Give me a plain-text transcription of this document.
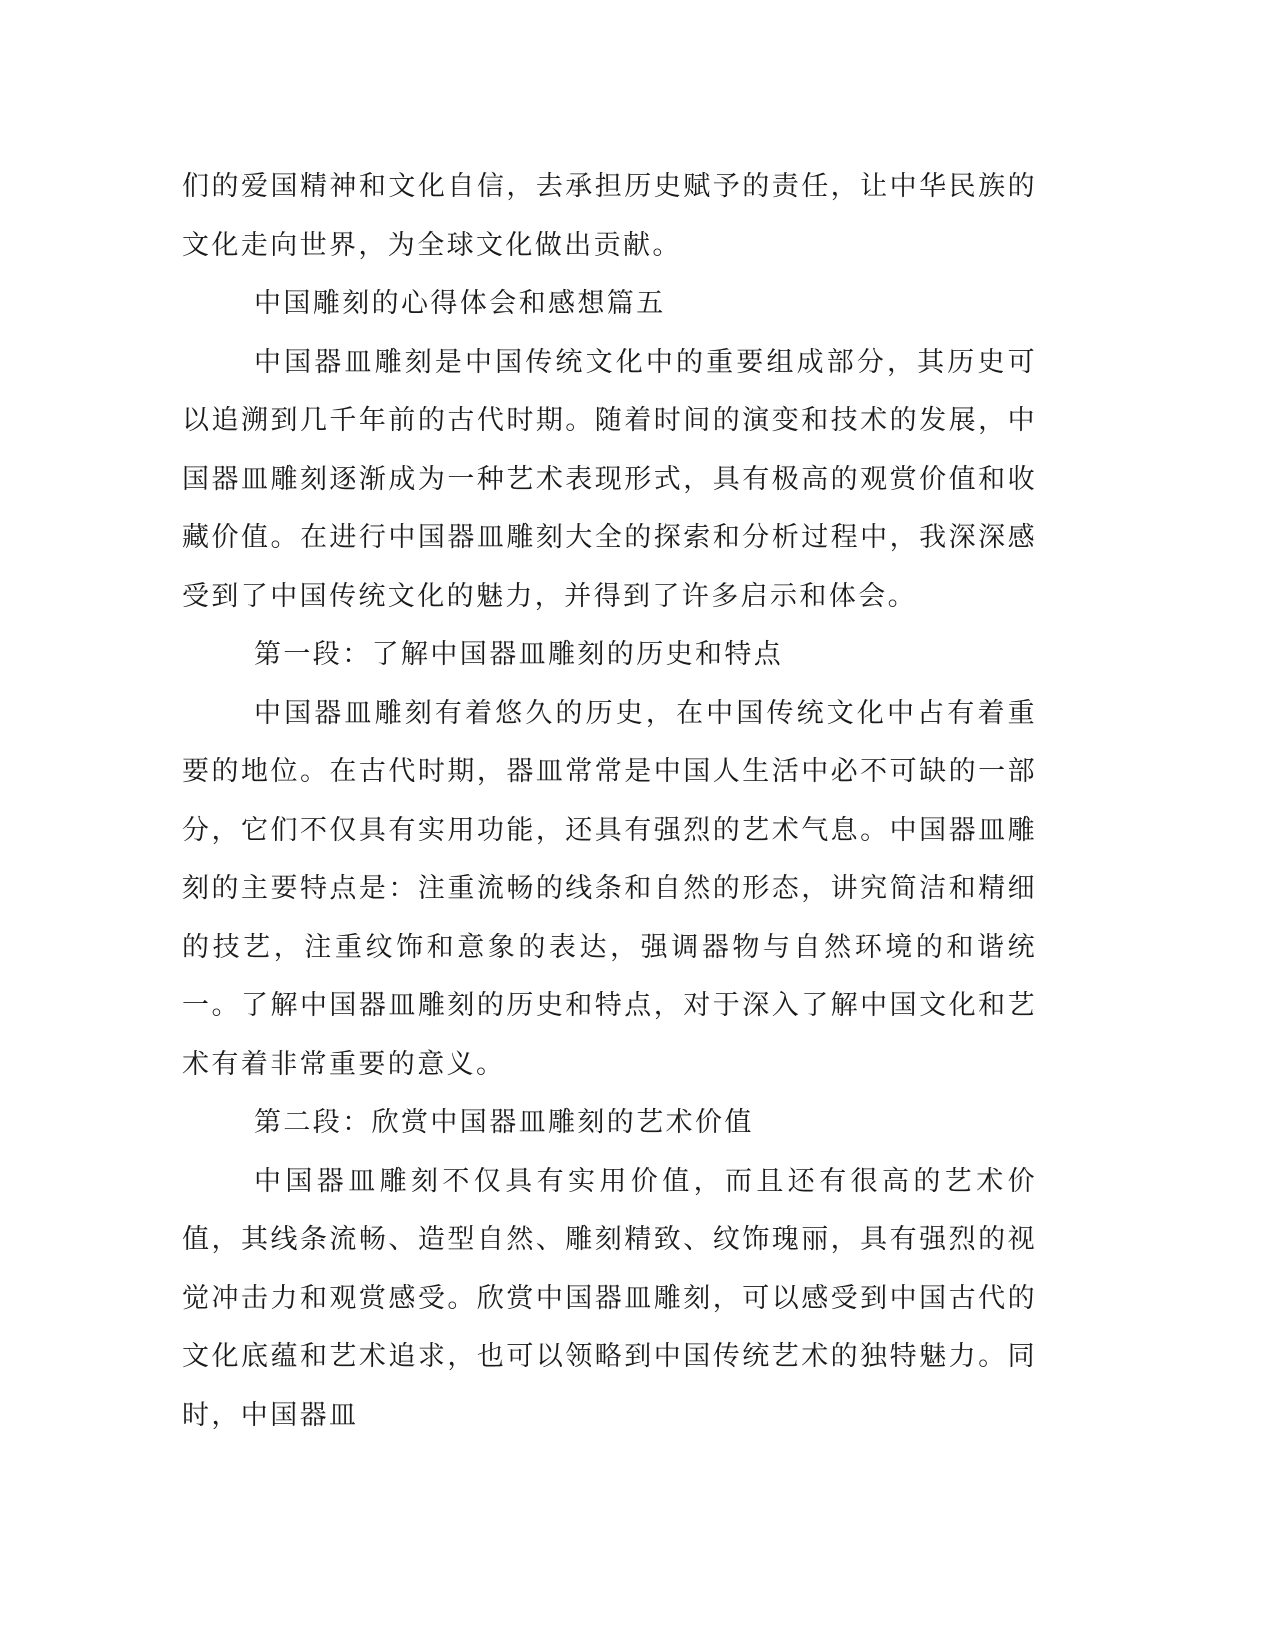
们的爱国精神和文化自信，去承担历史赋予的责任，让中华民族的文化走向世界，为全球文化做出贡献。

中国雕刻的心得体会和感想篇五

中国器皿雕刻是中国传统文化中的重要组成部分，其历史可以追溯到几千年前的古代时期。随着时间的演变和技术的发展，中国器皿雕刻逐渐成为一种艺术表现形式，具有极高的观赏价值和收藏价值。在进行中国器皿雕刻大全的探索和分析过程中，我深深感受到了中国传统文化的魅力，并得到了许多启示和体会。

第一段：了解中国器皿雕刻的历史和特点

中国器皿雕刻有着悠久的历史，在中国传统文化中占有着重要的地位。在古代时期，器皿常常是中国人生活中必不可缺的一部分，它们不仅具有实用功能，还具有强烈的艺术气息。中国器皿雕刻的主要特点是：注重流畅的线条和自然的形态，讲究简洁和精细的技艺，注重纹饰和意象的表达，强调器物与自然环境的和谐统一。了解中国器皿雕刻的历史和特点，对于深入了解中国文化和艺术有着非常重要的意义。

第二段：欣赏中国器皿雕刻的艺术价值

中国器皿雕刻不仅具有实用价值，而且还有很高的艺术价值，其线条流畅、造型自然、雕刻精致、纹饰瑰丽，具有强烈的视觉冲击力和观赏感受。欣赏中国器皿雕刻，可以感受到中国古代的文化底蕴和艺术追求，也可以领略到中国传统艺术的独特魅力。同时，中国器皿
